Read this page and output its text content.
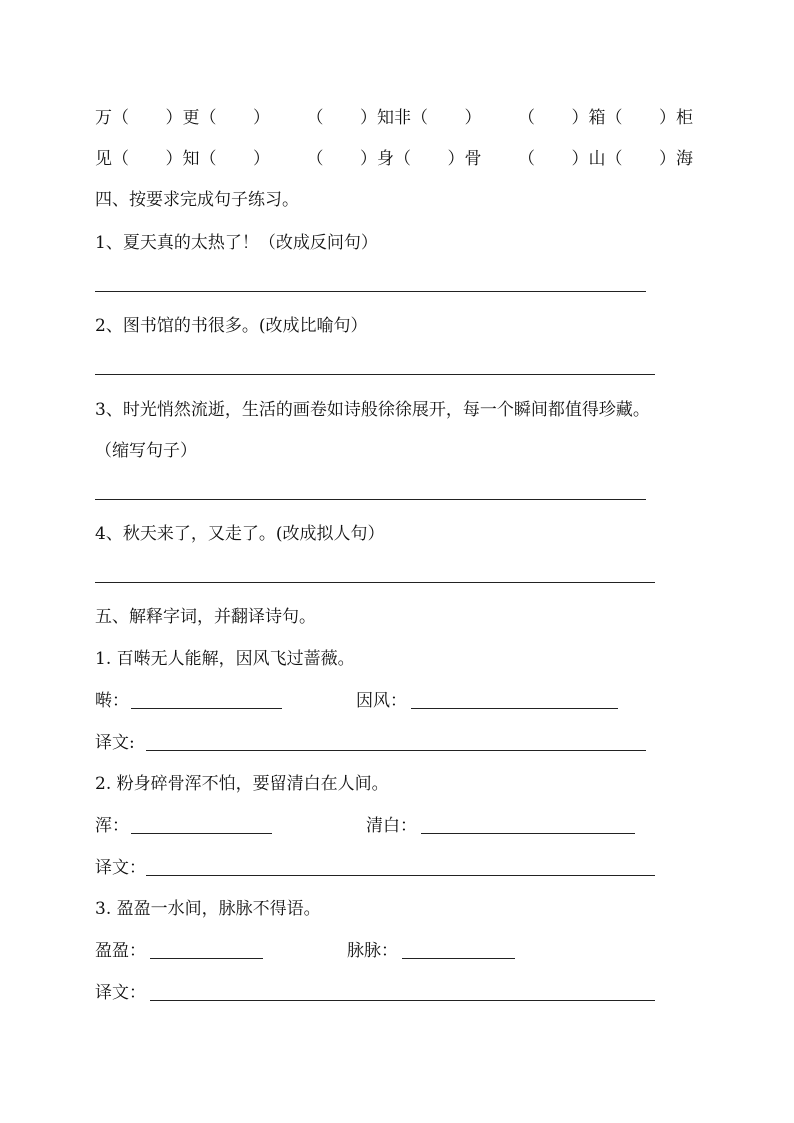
万（ ）更（ ） （ ）知非（ ） （ ）箱（ ）柜
见（ ）知（ ） （ ）身（ ）骨 （ ）山（ ）海
四、按要求完成句子练习。
1、夏天真的太热了！（改成反问句）
2、图书馆的书很多。(改成比喻句）
3、时光悄然流逝，生活的画卷如诗般徐徐展开，每一个瞬间都值得珍藏。
（缩写句子）
4、秋天来了，又走了。(改成拟人句）
五、解释字词，并翻译诗句。
1. 百啭无人能解，因风飞过蔷薇。
啭：	因风：
译文:
2. 粉身碎骨浑不怕，要留清白在人间。
浑：	清白：
译文：
3. 盈盈一水间，脉脉不得语。
盈盈：	脉脉：
译文：
